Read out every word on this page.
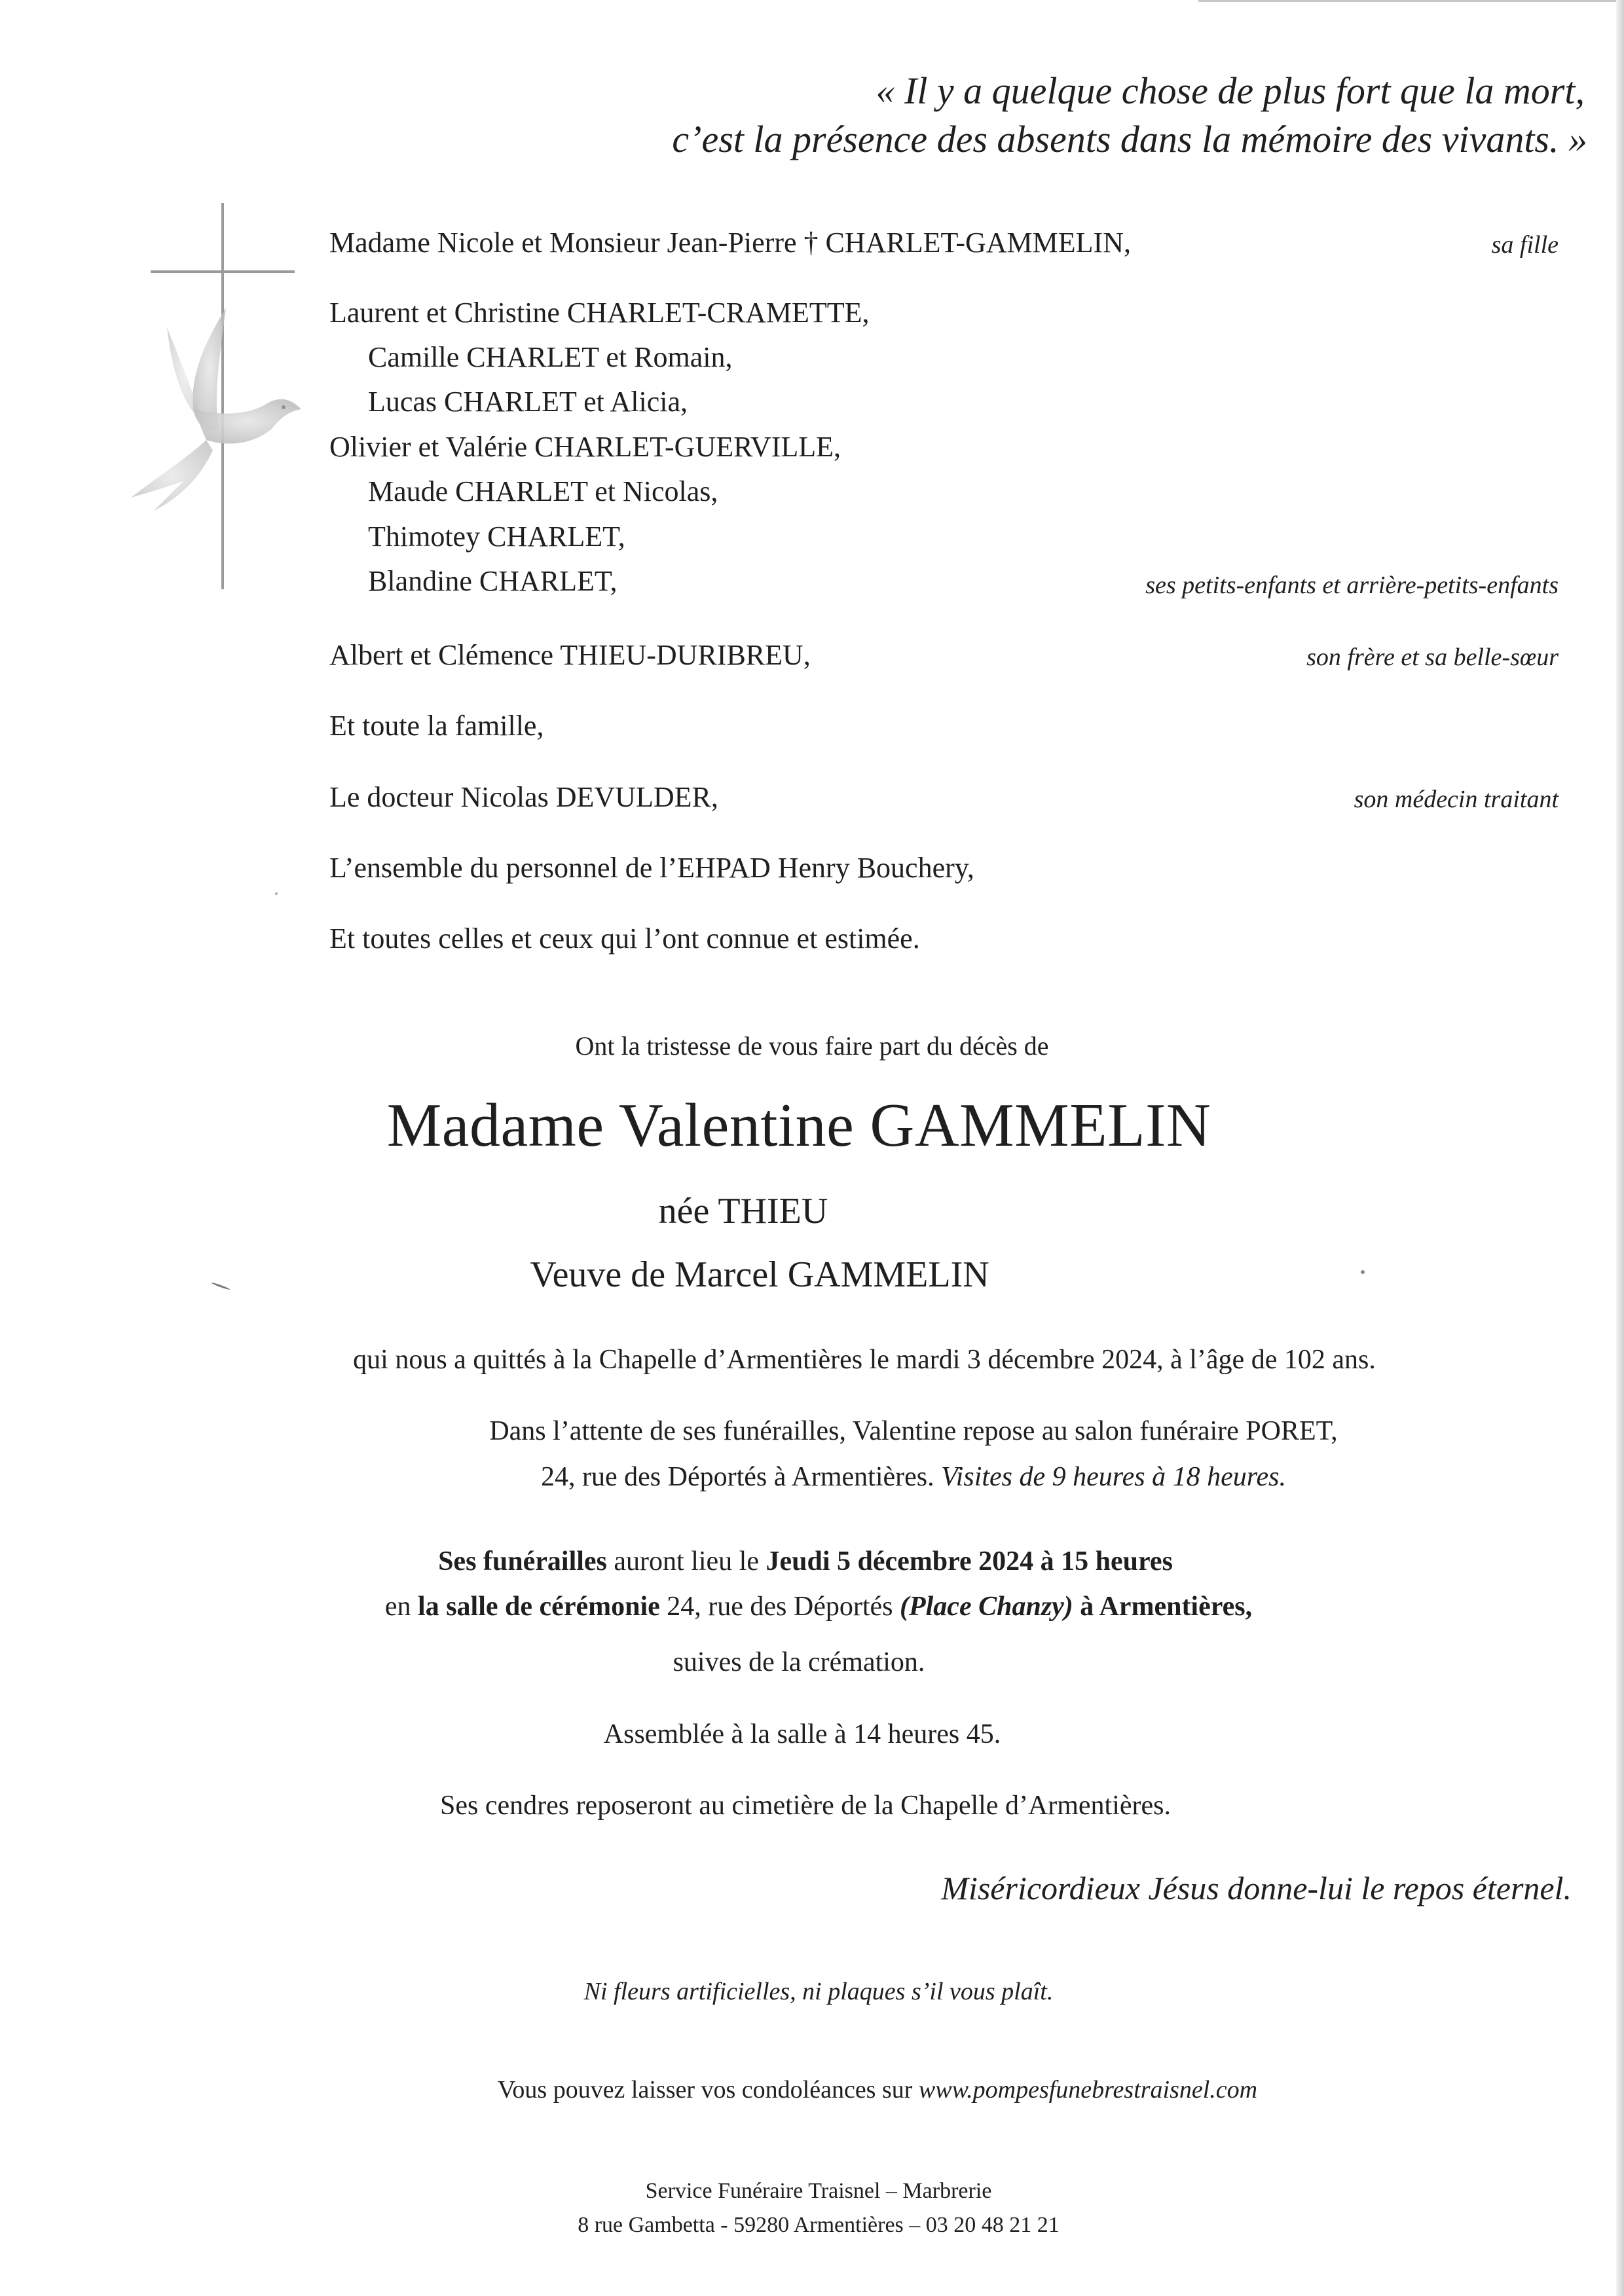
« Il y a quelque chose de plus fort que la mort,
c’est la présence des absents dans la mémoire des vivants. »
Madame Nicole et Monsieur Jean-Pierre † CHARLET-GAMMELIN,	sa fille
Laurent et Christine CHARLET-CRAMETTE,
Camille CHARLET et Romain,
Lucas CHARLET et Alicia,
Olivier et Valérie CHARLET-GUERVILLE,
Maude CHARLET et Nicolas,
Thimotey CHARLET,
Blandine CHARLET,	ses petits-enfants et arrière-petits-enfants
Albert et Clémence THIEU-DURIBREU,	son frère et sa belle-sœur
Et toute la famille,
Le docteur Nicolas DEVULDER,	son médecin traitant
L’ensemble du personnel de l’EHPAD Henry Bouchery,
Et toutes celles et ceux qui l’ont connue et estimée.
Ont la tristesse de vous faire part du décès de
Madame Valentine GAMMELIN
née THIEU
Veuve de Marcel GAMMELIN
qui nous a quittés à la Chapelle d’Armentières le mardi 3 décembre 2024, à l’âge de 102 ans.
Dans l’attente de ses funérailles, Valentine repose au salon funéraire PORET,
24, rue des Déportés à Armentières. Visites de 9 heures à 18 heures.
Ses funérailles auront lieu le Jeudi 5 décembre 2024 à 15 heures
en la salle de cérémonie 24, rue des Déportés (Place Chanzy) à Armentières,
suives de la crémation.
Assemblée à la salle à 14 heures 45.
Ses cendres reposeront au cimetière de la Chapelle d’Armentières.
Miséricordieux Jésus donne-lui le repos éternel.
Ni fleurs artificielles, ni plaques s’il vous plaît.
Vous pouvez laisser vos condoléances sur www.pompesfunebrestraisnel.com
Service Funéraire Traisnel – Marbrerie
8 rue Gambetta - 59280 Armentières – 03 20 48 21 21
